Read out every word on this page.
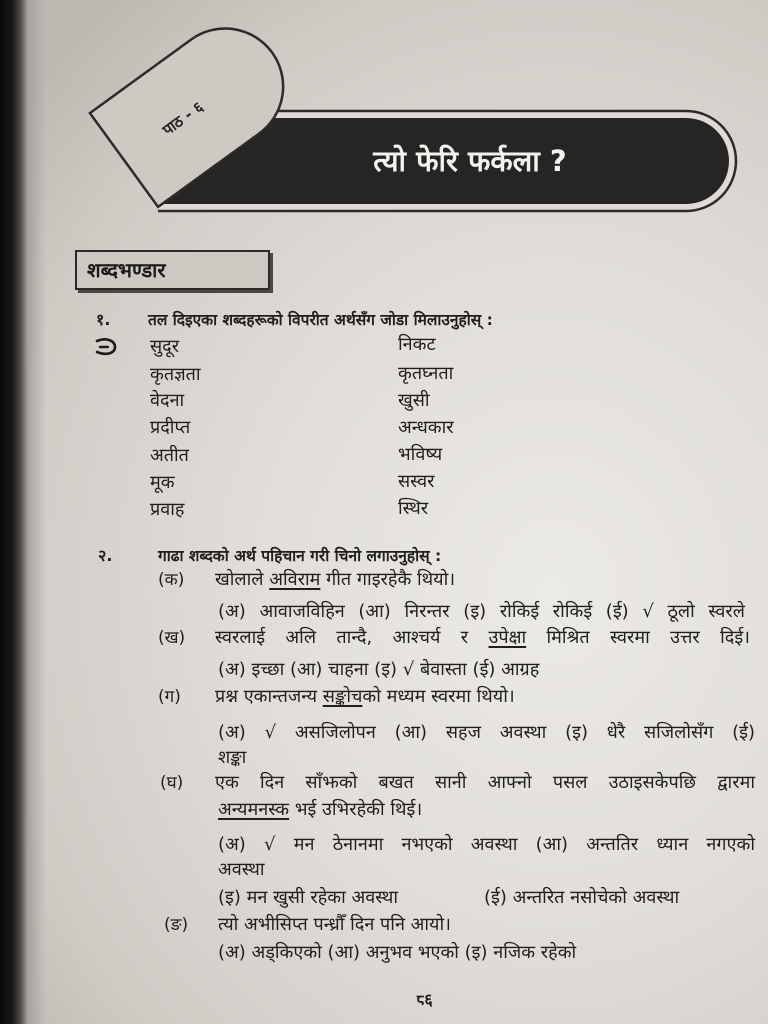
त्यो फेरि फर्कला ?
पाठ - ६
शब्दभण्डार
१. तल दिइएका शब्दहरूको विपरीत अर्थसँग जोडा मिलाउनुहोस् :
सुदूर	निकट
कृतज्ञता	कृतघ्नता
वेदना	खुसी
प्रदीप्त	अन्धकार
अतीत	भविष्य
मूक	सस्वर
प्रवाह	स्थिर
२.	गाढा शब्दको अर्थ पहिचान गरी चिनो लगाउनुहोस् :
(क) खोलाले अविराम गीत गाइरहेकै थियो।
(अ) आवाजविहिन (आ) निरन्तर (इ) रोकिई रोकिई (ई) √ ठूलो स्वरले
(ख) स्वरलाई अलि तान्दै, आश्चर्य र उपेक्षा मिश्रित स्वरमा उत्तर दिई।
(अ) इच्छा (आ) चाहना (इ) √ बेवास्ता (ई) आग्रह
(ग) प्रश्न एकान्तजन्य सङ्कोचको मध्यम स्वरमा थियो।
(अ) √ असजिलोपन (आ) सहज अवस्था (इ) धेरै सजिलोसँग (ई)
शङ्का
(घ) एक दिन साँझको बखत सानी आफ्नो पसल उठाइसकेपछि द्वारमा
अन्यमनस्क भई उभिरहेकी थिई।
(अ) √ मन ठेनानमा नभएको अवस्था (आ) अन्ततिर ध्यान नगएको
अवस्था
(इ) मन खुसी रहेका अवस्था	(ई) अन्तरित नसोचेको अवस्था
(ङ) त्यो अभीसिप्त पन्ध्रौँ दिन पनि आयो।
(अ) अड्किएको (आ) अनुभव भएको (इ) नजिक रहेको
८६
